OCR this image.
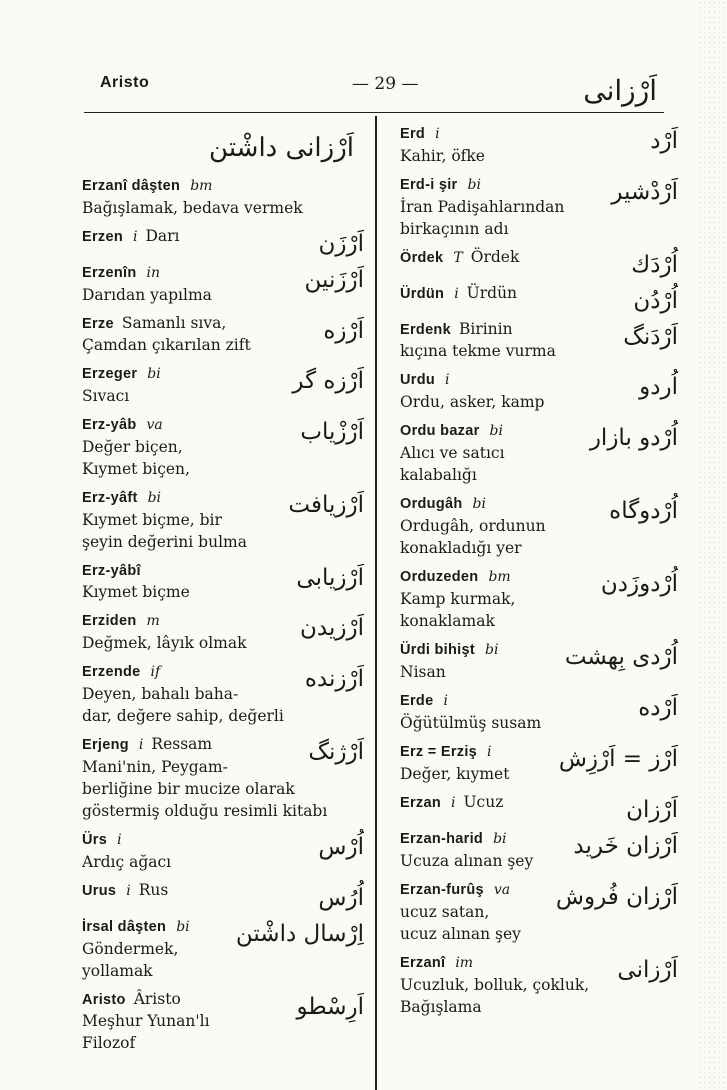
Aristo	— 29 —	اَرْزانى
اَرْزانى داشْتن
Erzanî dâşten bm
Bağışlamak, bedava vermek
Erzen i Darı	اَرْزَن
Erzenîn in
Darıdan yapılma
اَرْزَنين
Erze Samanlı sıva,
Çamdan çıkarılan zift
اَرْزه
Erzeger bi
Sıvacı
اَرْزه گر
Erz-yâb va
Değer biçen,
Kıymet biçen,
اَرْزْياب
Erz-yâft bi
Kıymet biçme, bir
şeyin değerini bulma
اَرْزيافت
Erz-yâbî
Kıymet biçme
اَرْزيابى
Erziden m
Değmek, lâyık olmak
اَرْزيدن
Erzende if
Deyen, bahalı baha-
dar, değere sahip, değerli
اَرْزنده
Erjeng i Ressam
Mani'nin, Peygam-
berliğine bir mucize olarak
göstermiş olduğu resimli kitabı
اَرْژنگ
Ürs i
Ardıç ağacı
اُرْس
Urus i Rus	اُرُس
İrsal dâşten bi
Göndermek,
yollamak
اِرْسال داشْتن
Aristo Âristo
Meşhur Yunan'lı
Filozof
اَرِسْطو
Erd i
Kahir, öfke
اَرْد
Erd-i şir bi
İran Padişahlarından
birkaçının adı
اَرْدْشير
Ördek T Ördek	اُرْدَك
Ürdün i Ürdün	اُرْدُن
Erdenk Birinin
kıçına tekme vurma
اَرْدَنگ
Urdu i
Ordu, asker, kamp
اُردو
Ordu bazar bi
Alıcı ve satıcı
kalabalığı
اُرْدو بازار
Ordugâh bi
Ordugâh, ordunun
konakladığı yer
اُرْدوگاه
Orduzeden bm
Kamp kurmak,
konaklamak
اُرْدوزَدن
Ürdi bihişt bi
Nisan
اُرْدى بِهشت
Erde i
Öğütülmüş susam
اَرْده
Erz = Erziş i
Değer, kıymet
اَرْز = اَرْزِش
Erzan i Ucuz	اَرْزان
Erzan-harid bi
Ucuza alınan şey
اَرْزان خَريد
Erzan-furûş va
ucuz satan,
ucuz alınan şey
اَرْزان فُروش
Erzanî im
Ucuzluk, bolluk, çokluk,
Bağışlama
اَرْزانى
